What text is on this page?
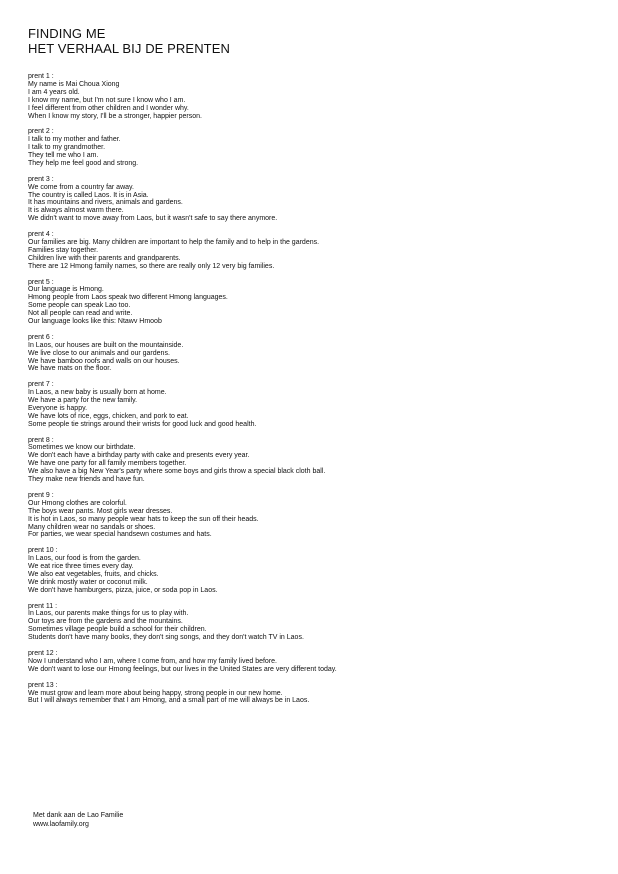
FINDING ME
HET VERHAAL BIJ DE PRENTEN
prent 1 :
My name is Mai Choua Xiong
I am 4 years old.
I know my name, but I'm not sure I know who I am.
I feel different from other children and I wonder why.
When I know my story, I'll be a stronger, happier person.
prent 2 :
I talk to my mother and father.
I talk to my grandmother.
They tell me who I am.
They help me feel good and strong.
prent 3 :
We come from a country far away.
The country is called Laos. It is in Asia.
It has mountains and rivers, animals and gardens.
It is always almost warm there.
We didn't want to move away from Laos, but it wasn't safe to say there anymore.
prent 4 :
Our families are big. Many children are important to help the family and to help in the gardens.
Families stay together.
Children live with their parents and grandparents.
There are 12 Hmong family names, so there are really only 12 very big families.
prent 5 :
Our language is Hmong.
Hmong people from Laos speak two different Hmong languages.
Some people can speak Lao too.
Not all people can read and write.
Our language looks like this: Ntawv Hmoob
prent 6 :
In Laos, our houses are built on the mountainside.
We live close to our animals and our gardens.
We have bamboo roofs and walls on our houses.
We have mats on the floor.
prent 7 :
In Laos, a new baby is usually born at home.
We have a party for the new family.
Everyone is happy.
We have lots of rice, eggs, chicken, and pork to eat.
Some people tie strings around their wrists for good luck and good health.
prent 8 :
Sometimes we know our birthdate.
We don't each have a birthday party with cake and presents every year.
We have one party for all family members together.
We also have a big New Year's party where some boys and girls throw a special black cloth ball.
They make new friends and have fun.
prent 9 :
Our Hmong clothes are colorful.
The boys wear pants. Most girls wear dresses.
It is hot in Laos, so many people wear hats to keep the sun off their heads.
Many children wear no sandals or shoes.
For parties, we wear special handsewn costumes and hats.
prent 10 :
In Laos, our food is from the garden.
We eat rice three times every day.
We also eat vegetables, fruits, and chicks.
We drink mostly water or coconut milk.
We don't have hamburgers, pizza, juice, or soda pop in Laos.
prent 11 :
In Laos, our parents make things for us to play with.
Our toys are from the gardens and the mountains.
Sometimes village people build a school for their children.
Students don't have many books, they don't sing songs, and they don't watch TV in Laos.
prent 12 :
Now I understand who I am, where I come from, and how my family lived before.
We don't want to lose our Hmong feelings, but our lives in the United States are very different today.
prent 13 :
We must grow and learn more about being happy, strong people in our new home.
But I will always remember that I am Hmong, and a small part of me will always be in Laos.
Met dank aan de Lao Familie
www.laofamily.org
